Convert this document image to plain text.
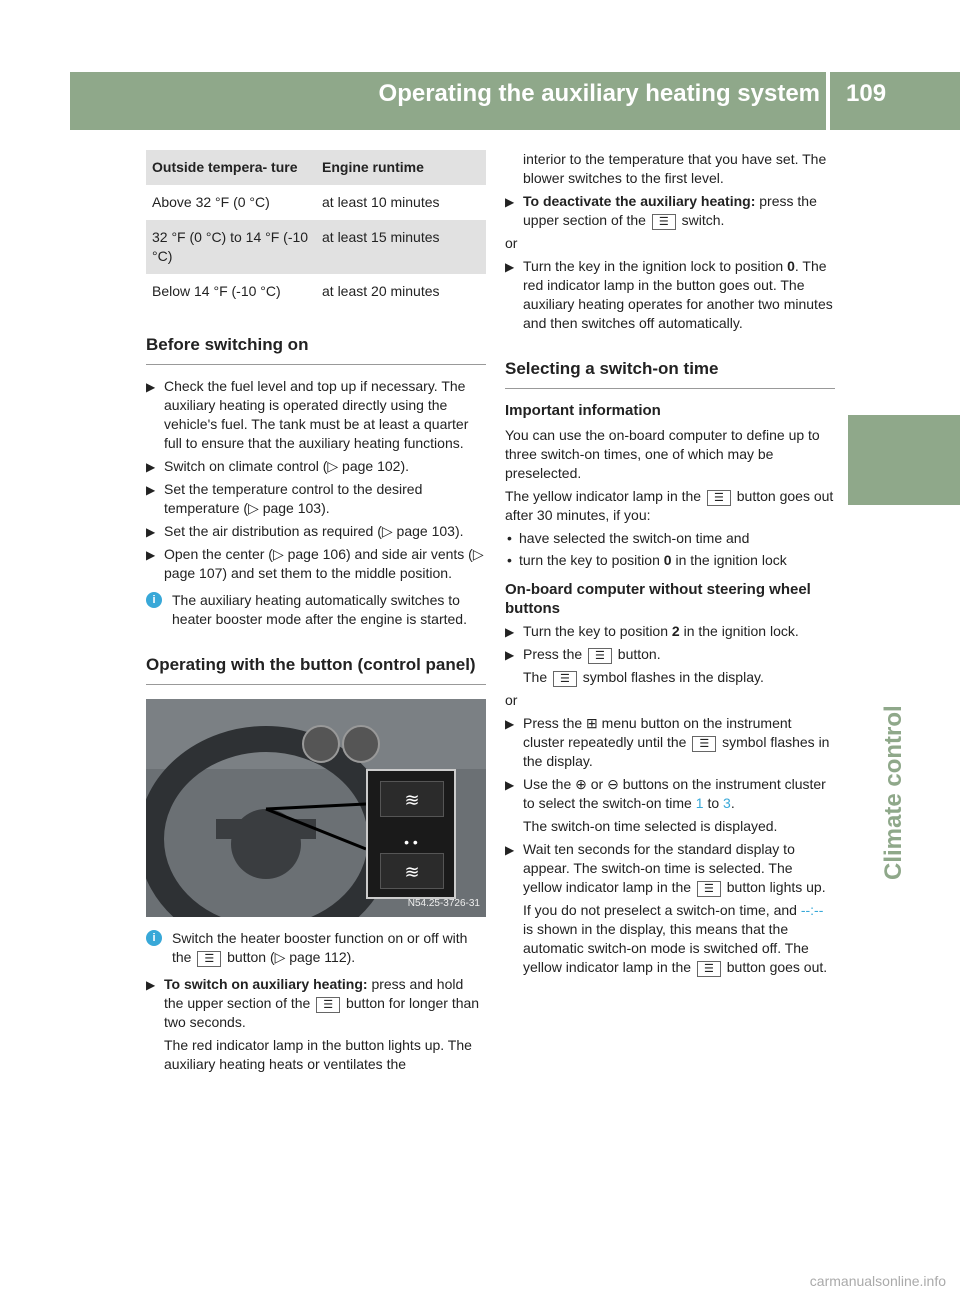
Operating the auxiliary heating system 109
Climate control
Outside tempera- ture	Engine runtime
Above 32 °F (0 °C)	at least 10 minutes
32 °F (0 °C) to 14 °F (-10 °C)	at least 15 minutes
Below 14 °F (-10 °C)	at least 20 minutes
Before switching on
▶ Check the fuel level and top up if necessary. The auxiliary heating is operated directly using the vehicle's fuel. The tank must be at least a quarter full to ensure that the auxiliary heating functions.
▶ Switch on climate control (▷ page 102).
▶ Set the temperature control to the desired temperature (▷ page 103).
▶ Set the air distribution as required (▷ page 103).
▶ Open the center (▷ page 106) and side air vents (▷ page 107) and set them to the middle position.
i	The auxiliary heating automatically switches to heater booster mode after the engine is started.
Operating with the button (control panel)
≋
• •
≋
N54.25-3726-31
i	Switch the heater booster function on or off with the ☰ button (▷ page 112).
▶ To switch on auxiliary heating: press and hold the upper section of the ☰ button for longer than two seconds.
The red indicator lamp in the button lights up. The auxiliary heating heats or ventilates the
interior to the temperature that you have set. The blower switches to the first level.
▶ To deactivate the auxiliary heating: press the upper section of the ☰ switch.
or
▶ Turn the key in the ignition lock to position 0. The red indicator lamp in the button goes out. The auxiliary heating operates for another two minutes and then switches off automatically.
Selecting a switch-on time
Important information
You can use the on-board computer to define up to three switch-on times, one of which may be preselected.
The yellow indicator lamp in the ☰ button goes out after 30 minutes, if you:
• have selected the switch-on time and
• turn the key to position 0 in the ignition lock
On-board computer without steering wheel buttons
▶ Turn the key to position 2 in the ignition lock.
▶ Press the ☰ button.
The ☰ symbol flashes in the display.
or
▶ Press the ⊞ menu button on the instrument cluster repeatedly until the ☰ symbol flashes in the display.
▶ Use the ⊕ or ⊖ buttons on the instrument cluster to select the switch-on time 1 to 3.
The switch-on time selected is displayed.
▶ Wait ten seconds for the standard display to appear. The switch-on time is selected. The yellow indicator lamp in the ☰ button lights up.
If you do not preselect a switch-on time, and --:-- is shown in the display, this means that the automatic switch-on mode is switched off. The yellow indicator lamp in the ☰ button goes out.
carmanualsonline.info
